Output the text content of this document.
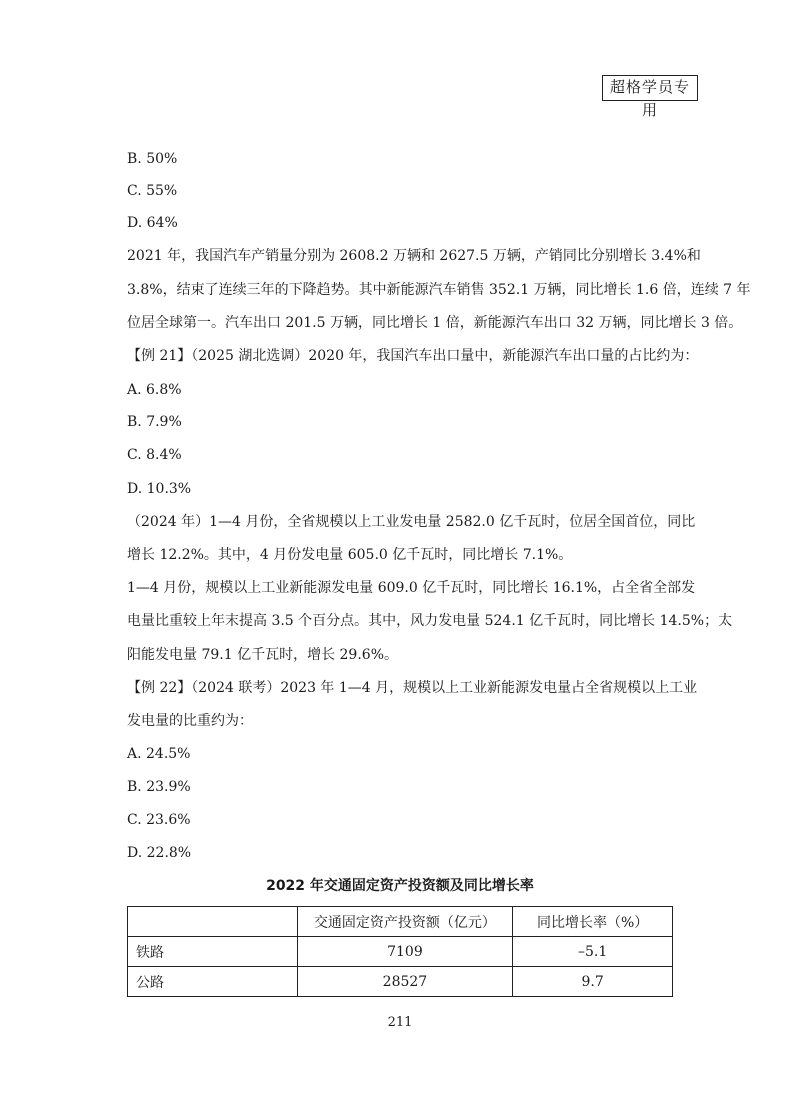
超格学员专用
B. 50%
C. 55%
D. 64%
2021 年，我国汽车产销量分别为 2608.2 万辆和 2627.5 万辆，产销同比分别增长 3.4%和
3.8%，结束了连续三年的下降趋势。其中新能源汽车销售 352.1 万辆，同比增长 1.6 倍，连续 7 年
位居全球第一。汽车出口 201.5 万辆，同比增长 1 倍，新能源汽车出口 32 万辆，同比增长 3 倍。
【例 21】（2025 湖北选调）2020 年，我国汽车出口量中，新能源汽车出口量的占比约为：
A. 6.8%
B. 7.9%
C. 8.4%
D. 10.3%
（2024 年）1—4 月份，全省规模以上工业发电量 2582.0 亿千瓦时，位居全国首位，同比
增长 12.2%。其中，4 月份发电量 605.0 亿千瓦时，同比增长 7.1%。
1—4 月份，规模以上工业新能源发电量 609.0 亿千瓦时，同比增长 16.1%，占全省全部发
电量比重较上年末提高 3.5 个百分点。其中，风力发电量 524.1 亿千瓦时，同比增长 14.5%；太
阳能发电量 79.1 亿千瓦时，增长 29.6%。
【例 22】（2024 联考）2023 年 1—4 月，规模以上工业新能源发电量占全省规模以上工业
发电量的比重约为：
A. 24.5%
B. 23.9%
C. 23.6%
D. 22.8%
2022 年交通固定资产投资额及同比增长率
	交通固定资产投资额（亿元）	同比增长率（%）
铁路	7109	–5.1
公路	28527	9.7
211
